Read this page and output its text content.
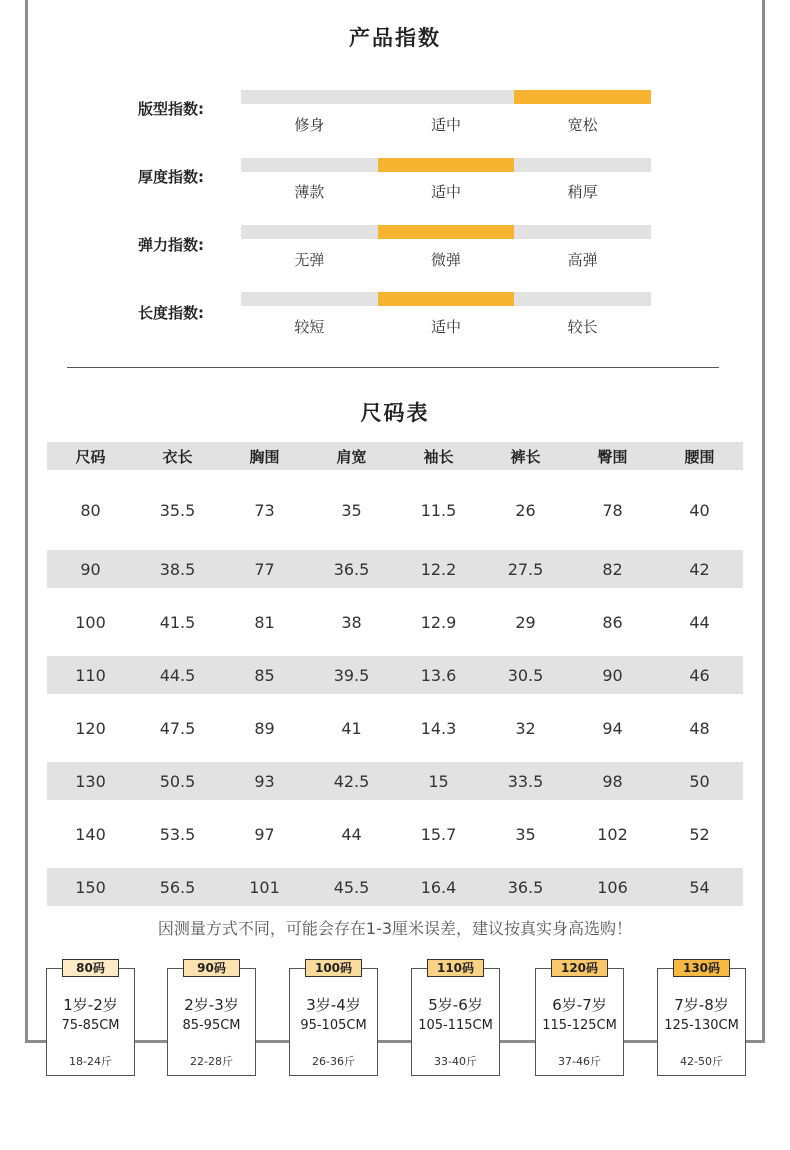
产品指数
版型指数:
修身	适中	宽松
厚度指数:
薄款	适中	稍厚
弹力指数:
无弹	微弹	高弹
长度指数:
较短	适中	较长
尺码表
尺码	衣长	胸围	肩宽	袖长	裤长	臀围	腰围
80	35.5	73	35	11.5	26	78	40
90	38.5	77	36.5	12.2	27.5	82	42
100	41.5	81	38	12.9	29	86	44
110	44.5	85	39.5	13.6	30.5	90	46
120	47.5	89	41	14.3	32	94	48
130	50.5	93	42.5	15	33.5	98	50
140	53.5	97	44	15.7	35	102	52
150	56.5	101	45.5	16.4	36.5	106	54
因测量方式不同，可能会存在1-3厘米误差，建议按真实身高选购！
80码
1岁-2岁
75-85CM
18-24斤
90码
2岁-3岁
85-95CM
22-28斤
100码
3岁-4岁
95-105CM
26-36斤
110码
5岁-6岁
105-115CM
33-40斤
120码
6岁-7岁
115-125CM
37-46斤
130码
7岁-8岁
125-130CM
42-50斤
